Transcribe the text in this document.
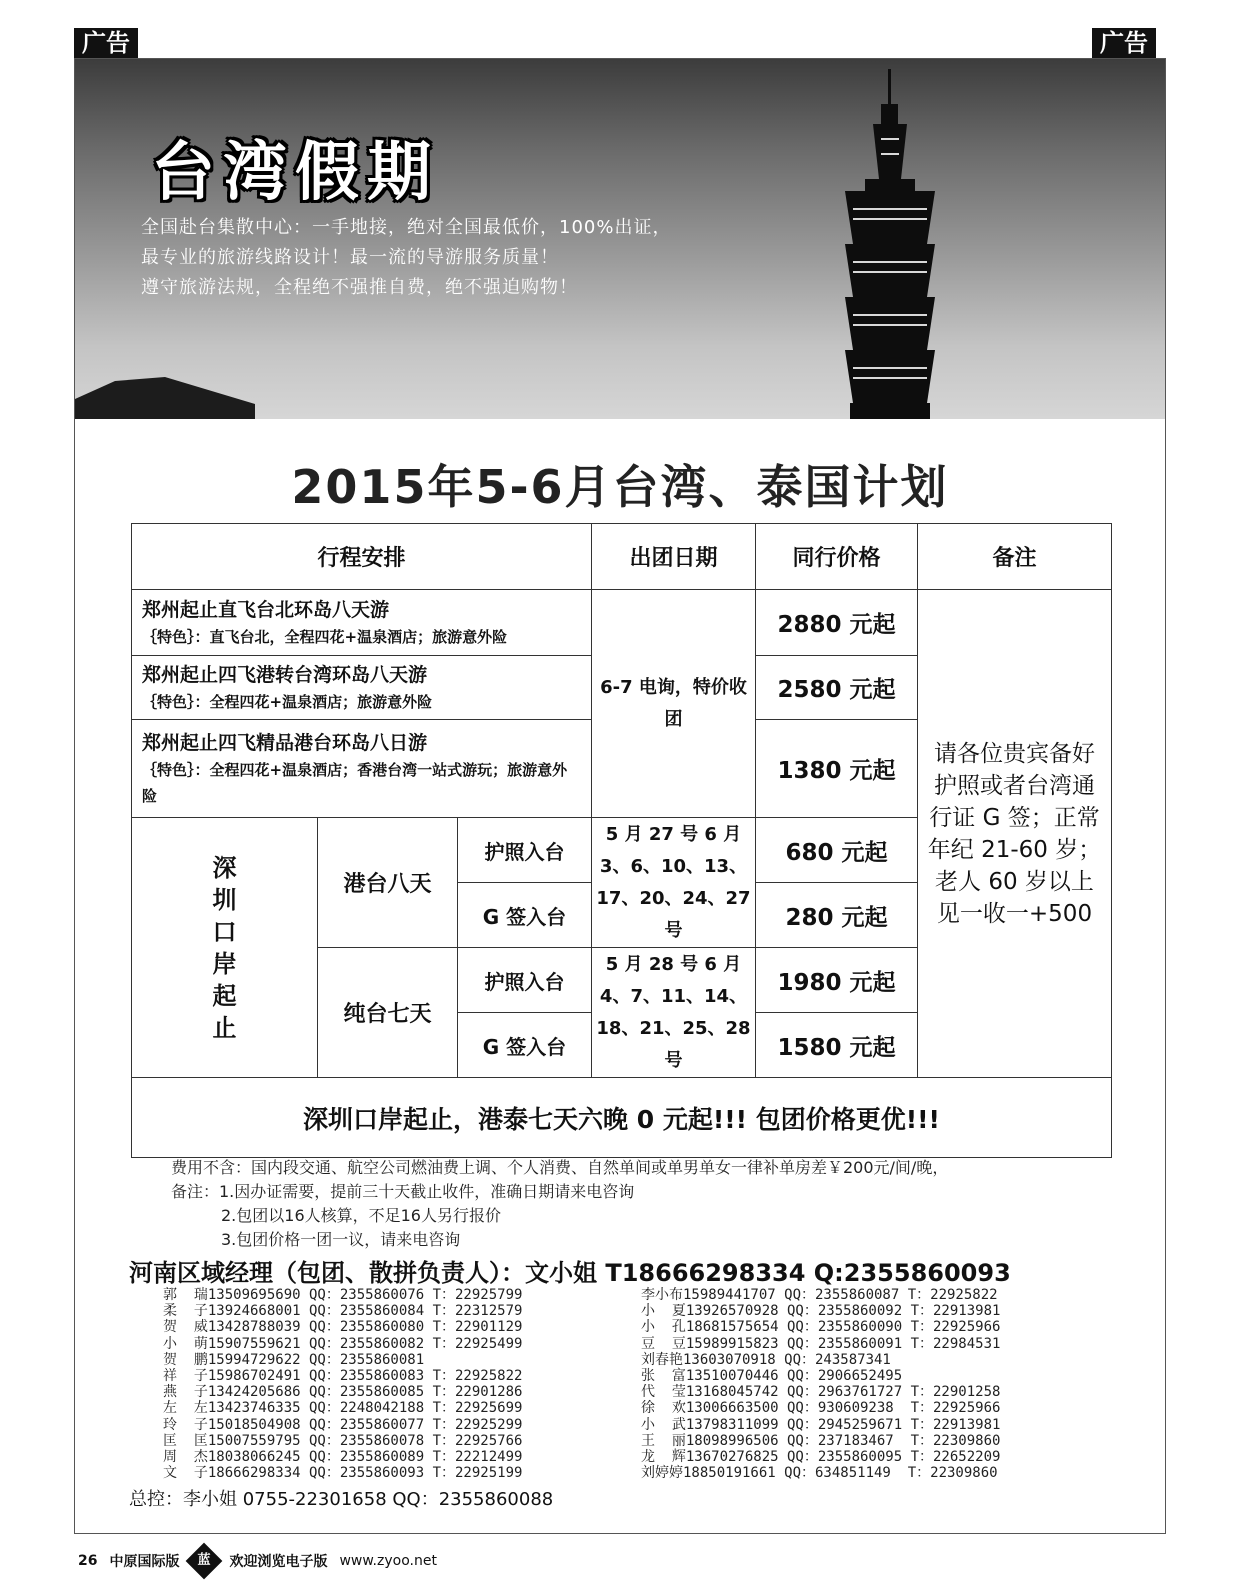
广告	广告
台湾假期
全国赴台集散中心：一手地接，绝对全国最低价，100%出证，
最专业的旅游线路设计！最一流的导游服务质量！
遵守旅游法规，全程绝不强推自费，绝不强迫购物！
2015年5-6月台湾、泰国计划
行程安排			出团日期	同行价格	备注

郑州起止直飞台北环岛八天游
｛特色｝：直飞台北，全程四花+温泉酒店；旅游意外险			6-7 电询，特价收团	2880 元起	请各位贵宾备好护照或者台湾通行证 G 签；正常年纪 21-60 岁；老人 60 岁以上见一收一+500

郑州起止四飞港转台湾环岛八天游
｛特色｝：全程四花+温泉酒店；旅游意外险				2580 元起	

郑州起止四飞精品港台环岛八日游
｛特色｝：全程四花+温泉酒店；香港台湾一站式游玩；旅游意外险				1380 元起	

深圳口岸起止	港台八天	护照入台	5 月 27 号 6 月 3、6、10、13、17、20、24、27 号	680 元起	
		G 签入台		280 元起	
	纯台七天	护照入台	5 月 28 号 6 月 4、7、11、14、18、21、25、28 号	1980 元起	
		G 签入台		1580 元起	
深圳口岸起止，港泰七天六晚 0 元起!!! 包团价格更优!!!					
费用不含：国内段交通、航空公司燃油费上调、个人消费、自然单间或单男单女一律补单房差￥200元/间/晚，
备注：1.因办证需要，提前三十天截止收件，准确日期请来电咨询
2.包团以16人核算，不足16人另行报价
3.包团价格一团一议，请来电咨询
河南区域经理（包团、散拼负责人）：文小姐 T18666298334 Q:2355860093
郭  瑞13509695690 QQ：2355860076 T：22925799
柔  子13924668001 QQ：2355860084 T：22312579
贺  威13428788039 QQ：2355860080 T：22901129
小  萌15907559621 QQ：2355860082 T：22925499
贺  鹏15994729622 QQ：2355860081
祥  子15986702491 QQ：2355860083 T：22925822
燕  子13424205686 QQ：2355860085 T：22901286
左  左13423746335 QQ：2248042188 T：22925699
玲  子15018504908 QQ：2355860077 T：22925299
匡  匡15007559795 QQ：2355860078 T：22925766
周  杰18038066245 QQ：2355860089 T：22212499
文  子18666298334 QQ：2355860093 T：22925199
李小布15989441707 QQ：2355860087 T：22925822
小  夏13926570928 QQ：2355860092 T：22913981
小  孔18681575654 QQ：2355860090 T：22925966
豆  豆15989915823 QQ：2355860091 T：22984531
刘春艳13603070918 QQ：243587341
张  富13510070446 QQ：2906652495
代  莹13168045742 QQ：2963761727 T：22901258
徐  欢13006663500 QQ：930609238  T：22925966
小  武13798311099 QQ：2945259671 T：22913981
王  丽18098996506 QQ：237183467  T：22309860
龙  辉13670276825 QQ：2355860095 T：22652209
刘婷婷18850191661 QQ：634851149  T：22309860
总控：李小姐 0755-22301658 QQ：2355860088
26 中原国际版	蓝	欢迎浏览电子版 www.zyoo.net
